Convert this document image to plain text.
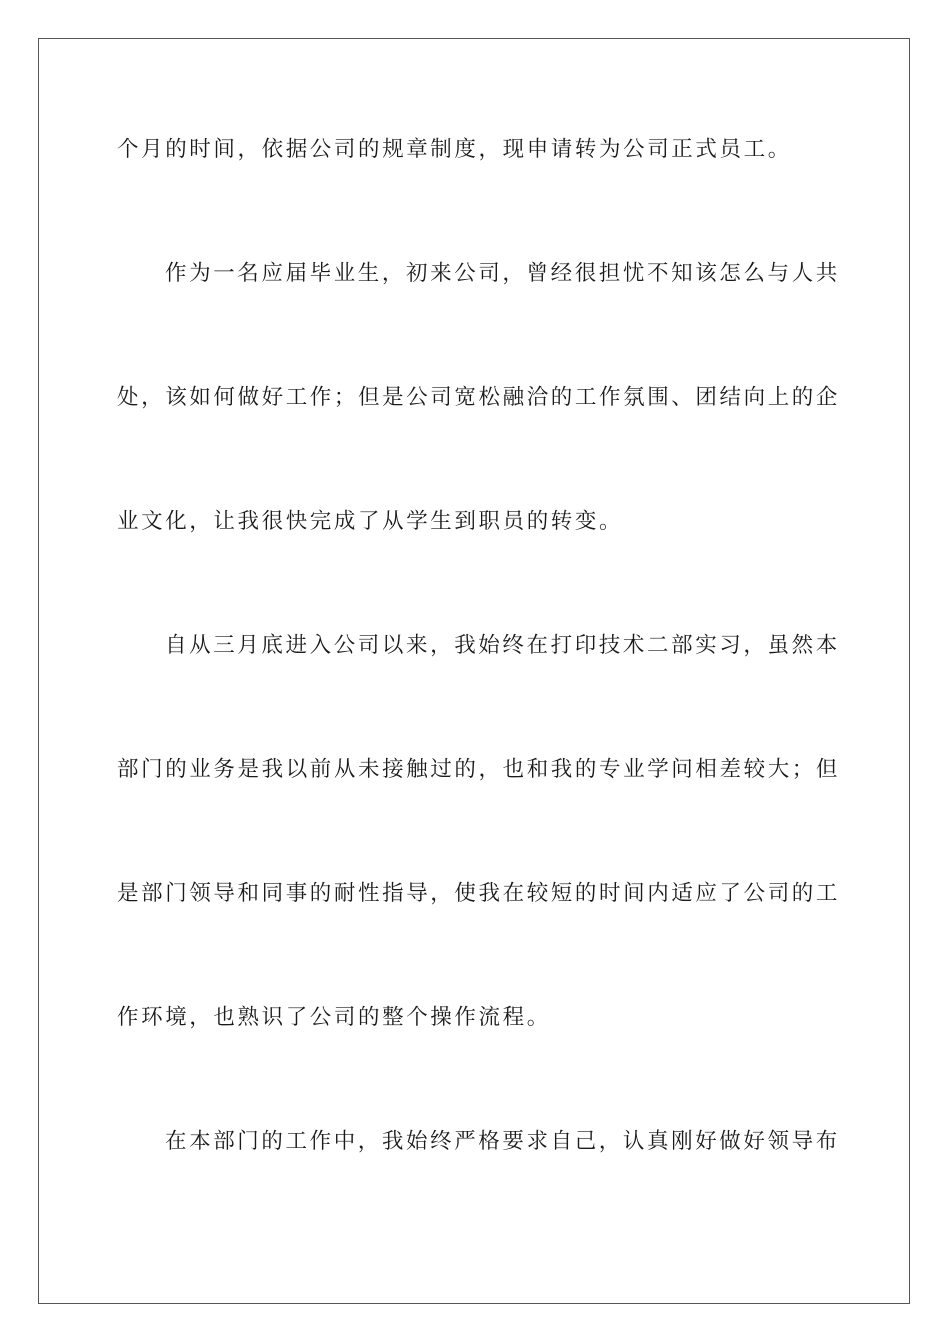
个月的时间，依据公司的规章制度，现申请转为公司正式员工。
作为一名应届毕业生，初来公司，曾经很担忧不知该怎么与人共
处，该如何做好工作；但是公司宽松融洽的工作氛围、团结向上的企
业文化，让我很快完成了从学生到职员的转变。
自从三月底进入公司以来，我始终在打印技术二部实习，虽然本
部门的业务是我以前从未接触过的，也和我的专业学问相差较大；但
是部门领导和同事的耐性指导，使我在较短的时间内适应了公司的工
作环境，也熟识了公司的整个操作流程。
在本部门的工作中，我始终严格要求自己，认真刚好做好领导布
